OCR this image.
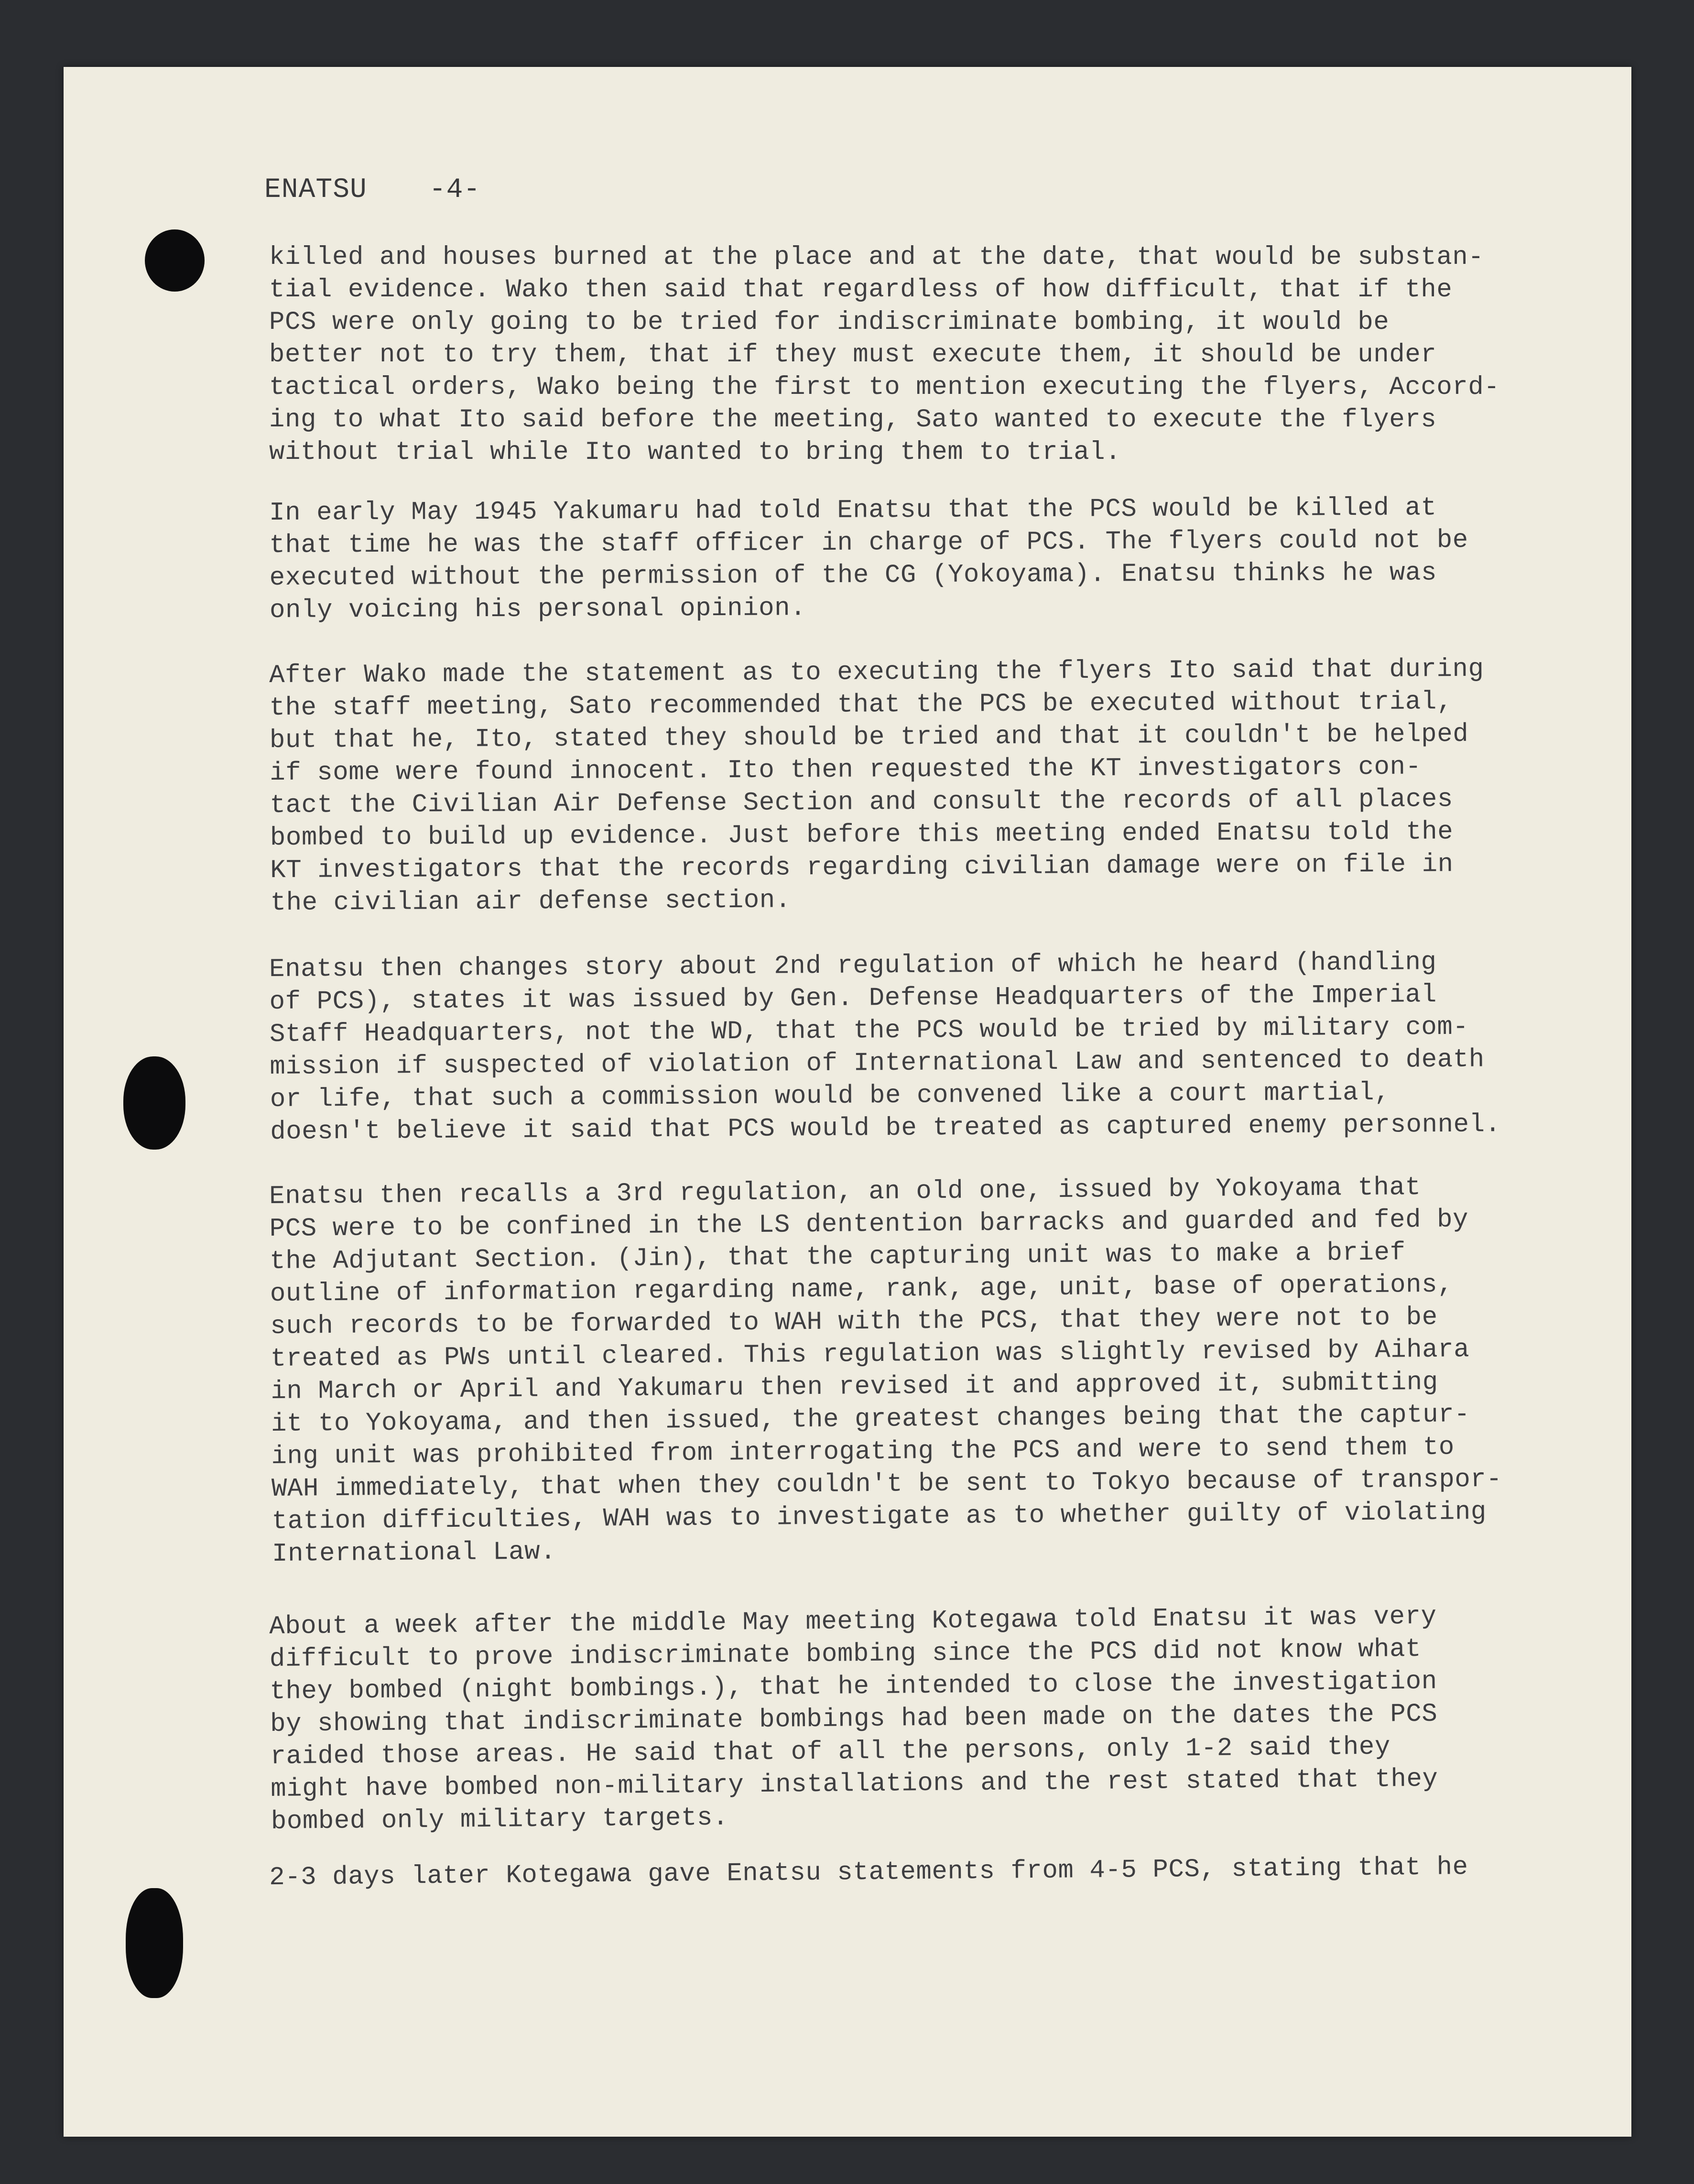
ENATSU -4-
killed and houses burned at the place and at the date, that would be substan-
tial evidence. Wako then said that regardless of how difficult, that if the
PCS were only going to be tried for indiscriminate bombing, it would be
better not to try them, that if they must execute them, it should be under
tactical orders, Wako being the first to mention executing the flyers, Accord-
ing to what Ito said before the meeting, Sato wanted to execute the flyers
without trial while Ito wanted to bring them to trial.
In early May 1945 Yakumaru had told Enatsu that the PCS would be killed at
that time he was the staff officer in charge of PCS. The flyers could not be
executed without the permission of the CG (Yokoyama). Enatsu thinks he was
only voicing his personal opinion.
After Wako made the statement as to executing the flyers Ito said that during
the staff meeting, Sato recommended that the PCS be executed without trial,
but that he, Ito, stated they should be tried and that it couldn't be helped
if some were found innocent. Ito then requested the KT investigators con-
tact the Civilian Air Defense Section and consult the records of all places
bombed to build up evidence. Just before this meeting ended Enatsu told the
KT investigators that the records regarding civilian damage were on file in
the civilian air defense section.
Enatsu then changes story about 2nd regulation of which he heard (handling
of PCS), states it was issued by Gen. Defense Headquarters of the Imperial
Staff Headquarters, not the WD, that the PCS would be tried by military com-
mission if suspected of violation of International Law and sentenced to death
or life, that such a commission would be convened like a court martial,
doesn't believe it said that PCS would be treated as captured enemy personnel.
Enatsu then recalls a 3rd regulation, an old one, issued by Yokoyama that
PCS were to be confined in the LS dentention barracks and guarded and fed by
the Adjutant Section. (Jin), that the capturing unit was to make a brief
outline of information regarding name, rank, age, unit, base of operations,
such records to be forwarded to WAH with the PCS, that they were not to be
treated as PWs until cleared. This regulation was slightly revised by Aihara
in March or April and Yakumaru then revised it and approved it, submitting
it to Yokoyama, and then issued, the greatest changes being that the captur-
ing unit was prohibited from interrogating the PCS and were to send them to
WAH immediately, that when they couldn't be sent to Tokyo because of transpor-
tation difficulties, WAH was to investigate as to whether guilty of violating
International Law.
About a week after the middle May meeting Kotegawa told Enatsu it was very
difficult to prove indiscriminate bombing since the PCS did not know what
they bombed (night bombings.), that he intended to close the investigation
by showing that indiscriminate bombings had been made on the dates the PCS
raided those areas. He said that of all the persons, only 1-2 said they
might have bombed non-military installations and the rest stated that they
bombed only military targets.
2-3 days later Kotegawa gave Enatsu statements from 4-5 PCS, stating that he
